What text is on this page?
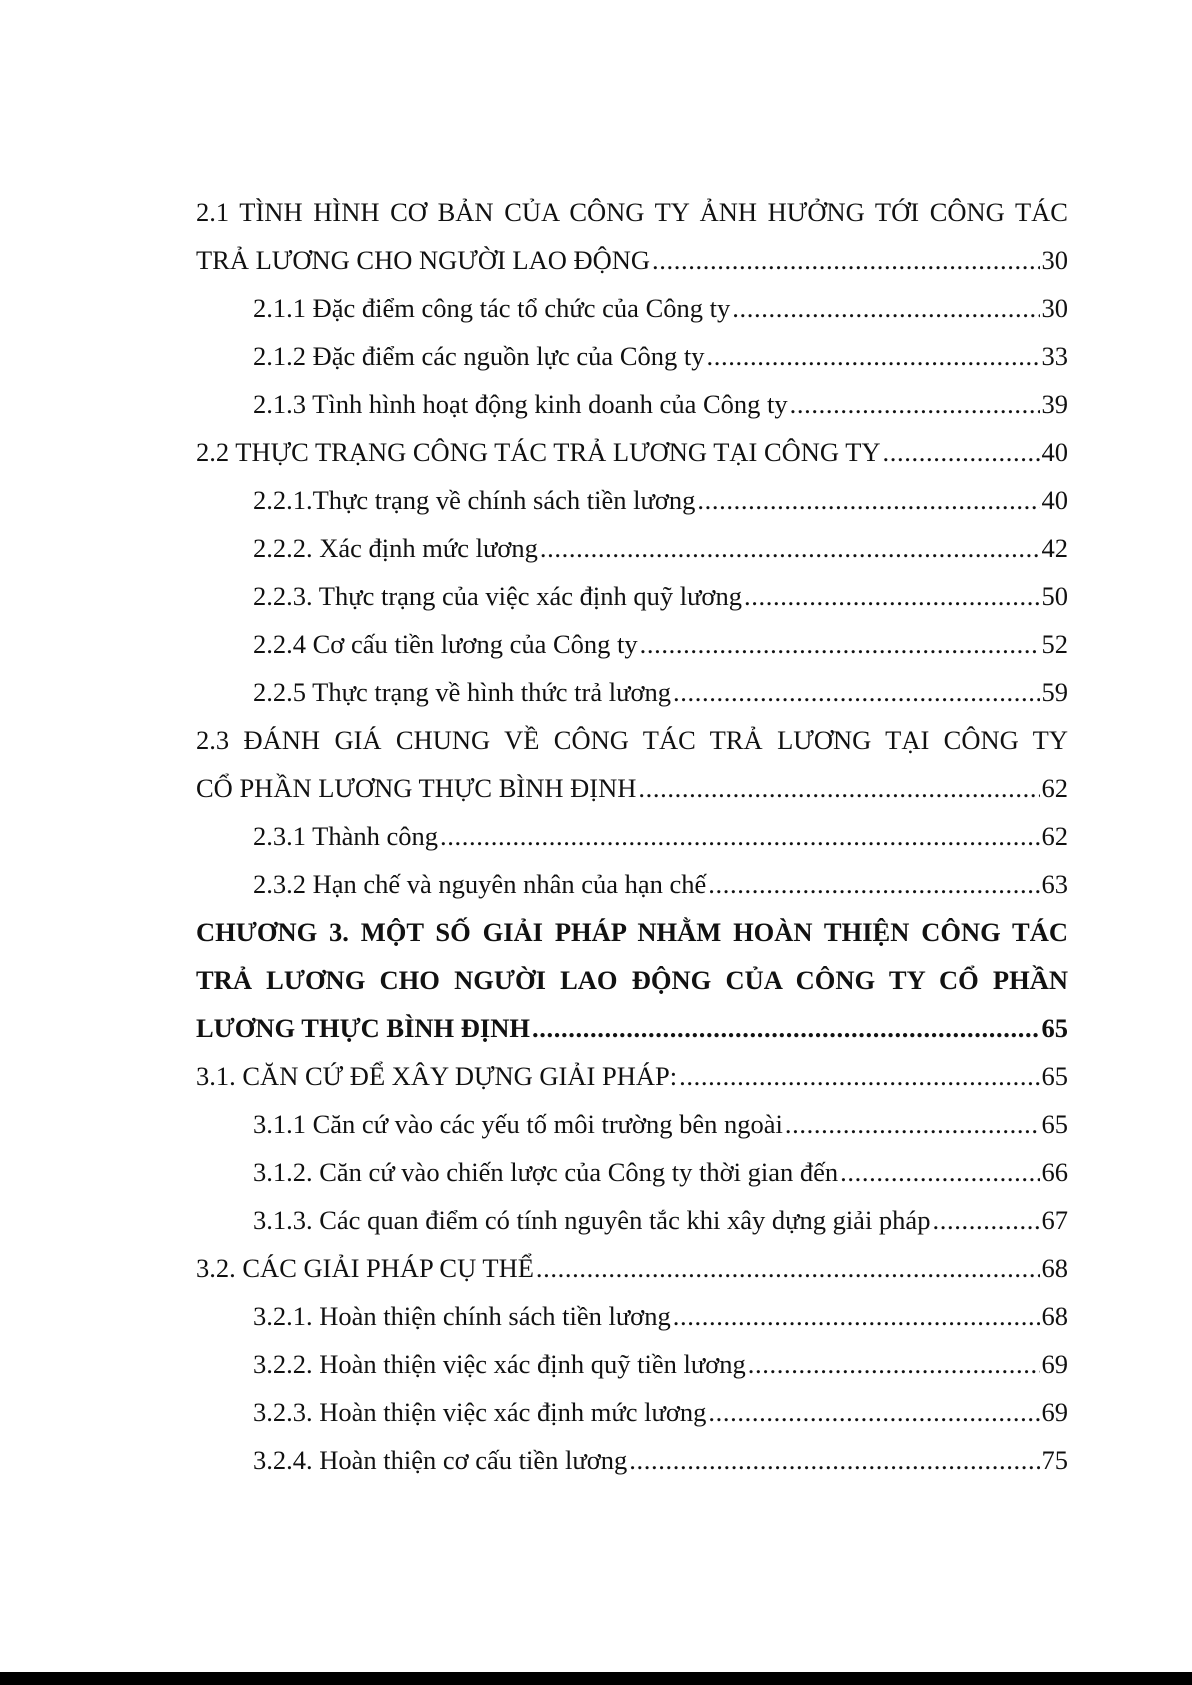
2.1 TÌNH HÌNH CƠ BẢN CỦA CÔNG TY ẢNH HƯỞNG TỚI CÔNG TÁC
TRẢ LƯƠNG CHO NGƯỜI LAO ĐỘNG . . .	30
2.1.1 Đặc điểm công tác tổ chức của Công ty . . .	30
2.1.2 Đặc điểm các nguồn lực của Công ty . . .	33
2.1.3 Tình hình hoạt động kinh doanh của Công ty . . .	39
2.2 THỰC TRẠNG CÔNG TÁC TRẢ LƯƠNG TẠI CÔNG TY . . .	40
2.2.1.Thực trạng về chính sách tiền lương . . .	40
2.2.2. Xác định mức lương . . .	42
2.2.3. Thực trạng của việc xác định quỹ lương . . .	50
2.2.4 Cơ cấu tiền lương của Công ty . . .	52
2.2.5 Thực trạng về hình thức trả lương . . .	59
2.3 ĐÁNH GIÁ CHUNG VỀ CÔNG TÁC TRẢ LƯƠNG TẠI CÔNG TY
CỔ PHẦN LƯƠNG THỰC BÌNH ĐỊNH . . .	62
2.3.1 Thành công . . .	62
2.3.2 Hạn chế và nguyên nhân của hạn chế . . .	63
CHƯƠNG 3. MỘT SỐ GIẢI PHÁP NHẰM HOÀN THIỆN CÔNG TÁC
TRẢ LƯƠNG CHO NGƯỜI LAO ĐỘNG CỦA CÔNG TY CỔ PHẦN
LƯƠNG THỰC BÌNH ĐỊNH . . .	65
3.1. CĂN CỨ ĐỂ XÂY DỰNG GIẢI PHÁP: . . .	65
3.1.1 Căn cứ vào các yếu tố môi trường bên ngoài . . .	65
3.1.2. Căn cứ vào chiến lược của Công ty thời gian đến . . .	66
3.1.3. Các quan điểm có tính nguyên tắc khi xây dựng giải pháp . . .	67
3.2. CÁC GIẢI PHÁP CỤ THỂ . . .	68
3.2.1. Hoàn thiện chính sách tiền lương . . .	68
3.2.2. Hoàn thiện việc xác định quỹ tiền lương . . .	69
3.2.3. Hoàn thiện việc xác định mức lương . . .	69
3.2.4. Hoàn thiện cơ cấu tiền lương . . .	75
